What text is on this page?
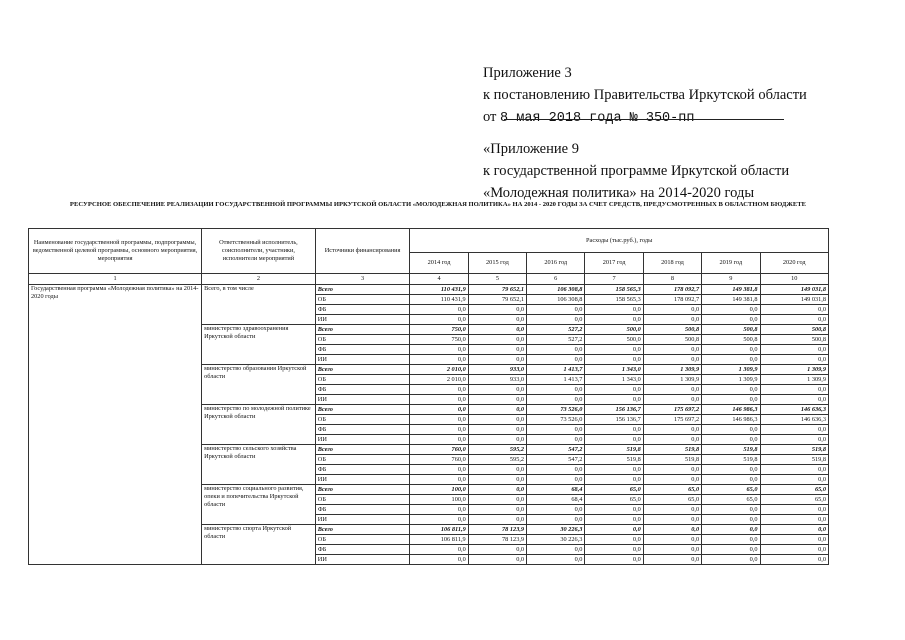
Приложение 3
к постановлению Правительства Иркутской области
от 8 мая 2018 года № 350-пп
«Приложение 9
к государственной программе Иркутской области
«Молодежная политика» на 2014-2020 годы
РЕСУРСНОЕ ОБЕСПЕЧЕНИЕ РЕАЛИЗАЦИИ ГОСУДАРСТВЕННОЙ ПРОГРАММЫ ИРКУТСКОЙ ОБЛАСТИ «МОЛОДЕЖНАЯ ПОЛИТИКА» НА 2014 - 2020 ГОДЫ ЗА СЧЕТ СРЕДСТВ, ПРЕДУСМОТРЕННЫХ В ОБЛАСТНОМ БЮДЖЕТЕ
Наименование государственной программы, подпрограммы, ведомственной целевой программы, основного мероприятия, мероприятия	Ответственный исполнитель, соисполнители, участники, исполнители мероприятий	Источники финансирования	Расходы (тыс.руб.), годы						
			2014 год	2015 год	2016 год	2017 год	2018 год	2019 год	2020 год
1	2	3	4	5	6	7	8	9	10
Государственная программа «Молодежная политика» на 2014-2020 годы	Всего, в том числе	Всего	110 431,9	79 652,1	106 308,8	158 565,3	178 092,7	149 381,8	149 031,8
		ОБ	110 431,9	79 652,1	106 308,8	158 565,3	178 092,7	149 381,8	149 031,8
		ФБ	0,0	0,0	0,0	0,0	0,0	0,0	0,0
		ИИ	0,0	0,0	0,0	0,0	0,0	0,0	0,0
	министерство здравоохранения Иркутской области	Всего	750,0	0,0	527,2	500,0	500,8	500,8	500,8
		ОБ	750,0	0,0	527,2	500,0	500,8	500,8	500,8
		ФБ	0,0	0,0	0,0	0,0	0,0	0,0	0,0
		ИИ	0,0	0,0	0,0	0,0	0,0	0,0	0,0
	министерство образования Иркутской области	Всего	2 010,0	933,0	1 413,7	1 343,0	1 309,9	1 309,9	1 309,9
		ОБ	2 010,0	933,0	1 413,7	1 343,0	1 309,9	1 309,9	1 309,9
		ФБ	0,0	0,0	0,0	0,0	0,0	0,0	0,0
		ИИ	0,0	0,0	0,0	0,0	0,0	0,0	0,0
	министерство по молодежной политике Иркутской области	Всего	0,0	0,0	73 526,0	156 136,7	175 697,2	146 986,3	146 636,3
		ОБ	0,0	0,0	73 526,0	156 136,7	175 697,2	146 986,3	146 636,3
		ФБ	0,0	0,0	0,0	0,0	0,0	0,0	0,0
		ИИ	0,0	0,0	0,0	0,0	0,0	0,0	0,0
	министерство сельского хозяйства Иркутской области	Всего	760,0	595,2	547,2	519,8	519,8	519,8	519,8
		ОБ	760,0	595,2	547,2	519,8	519,8	519,8	519,8
		ФБ	0,0	0,0	0,0	0,0	0,0	0,0	0,0
		ИИ	0,0	0,0	0,0	0,0	0,0	0,0	0,0
	министерство социального развития, опеки и попечительства Иркутской области	Всего	100,0	0,0	68,4	65,0	65,0	65,0	65,0
		ОБ	100,0	0,0	68,4	65,0	65,0	65,0	65,0
		ФБ	0,0	0,0	0,0	0,0	0,0	0,0	0,0
		ИИ	0,0	0,0	0,0	0,0	0,0	0,0	0,0
	министерство спорта Иркутской области	Всего	106 811,9	78 123,9	30 226,3	0,0	0,0	0,0	0,0
		ОБ	106 811,9	78 123,9	30 226,3	0,0	0,0	0,0	0,0
		ФБ	0,0	0,0	0,0	0,0	0,0	0,0	0,0
		ИИ	0,0	0,0	0,0	0,0	0,0	0,0	0,0
